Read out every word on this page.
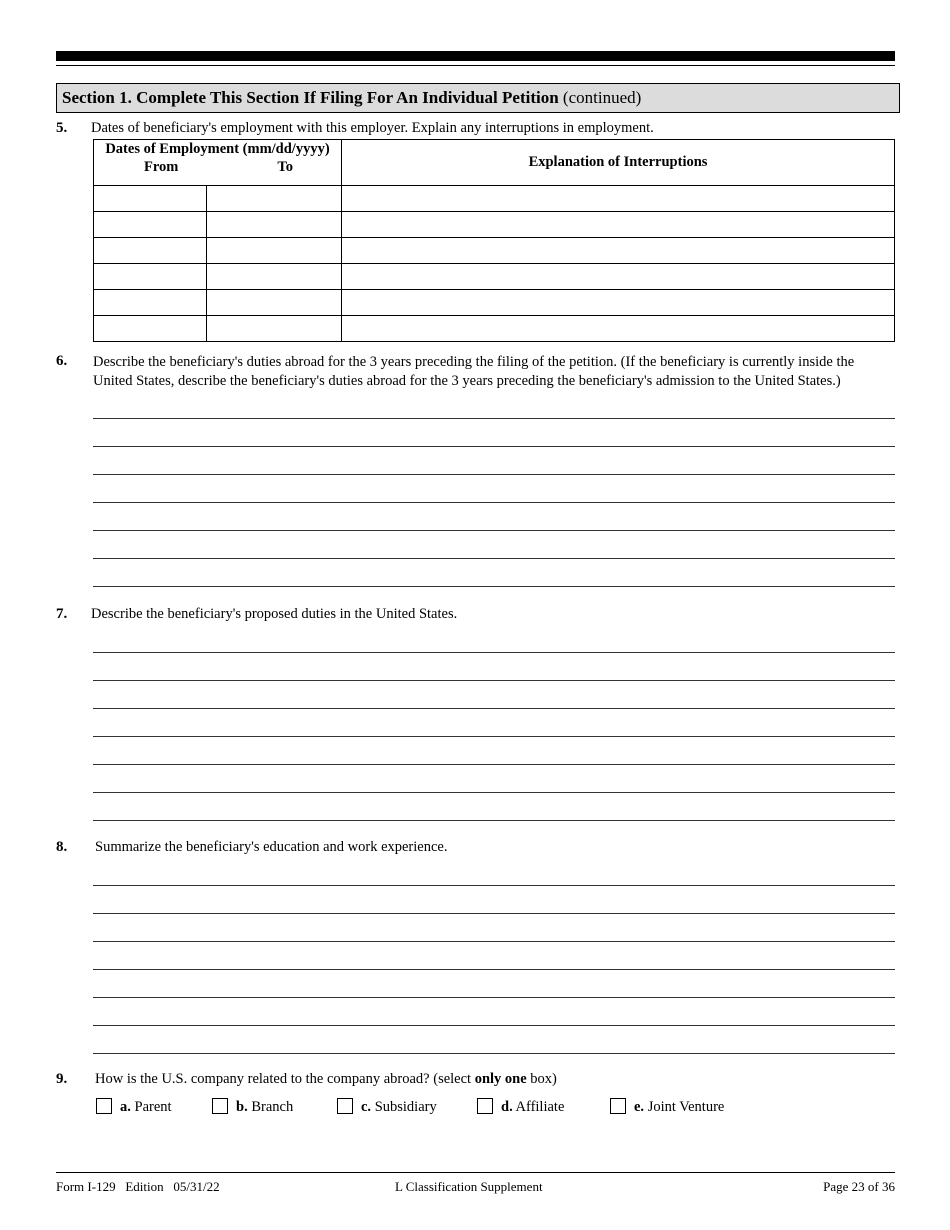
Section 1. Complete This Section If Filing For An Individual Petition (continued)
5. Dates of beneficiary's employment with this employer. Explain any interruptions in employment.
Dates of Employment (mm/dd/yyyy)
From To		Explanation of Interruptions

6. Describe the beneficiary's duties abroad for the 3 years preceding the filing of the petition. (If the beneficiary is currently inside the
United States, describe the beneficiary's duties abroad for the 3 years preceding the beneficiary's admission to the United States.)
7. Describe the beneficiary's proposed duties in the United States.
8. Summarize the beneficiary's education and work experience.
9. How is the U.S. company related to the company abroad? (select only one box)
a. Parent	b. Branch	c. Subsidiary	d. Affiliate	e. Joint Venture
Form I-129   Edition   05/31/22	L Classification Supplement	Page 23 of 36
